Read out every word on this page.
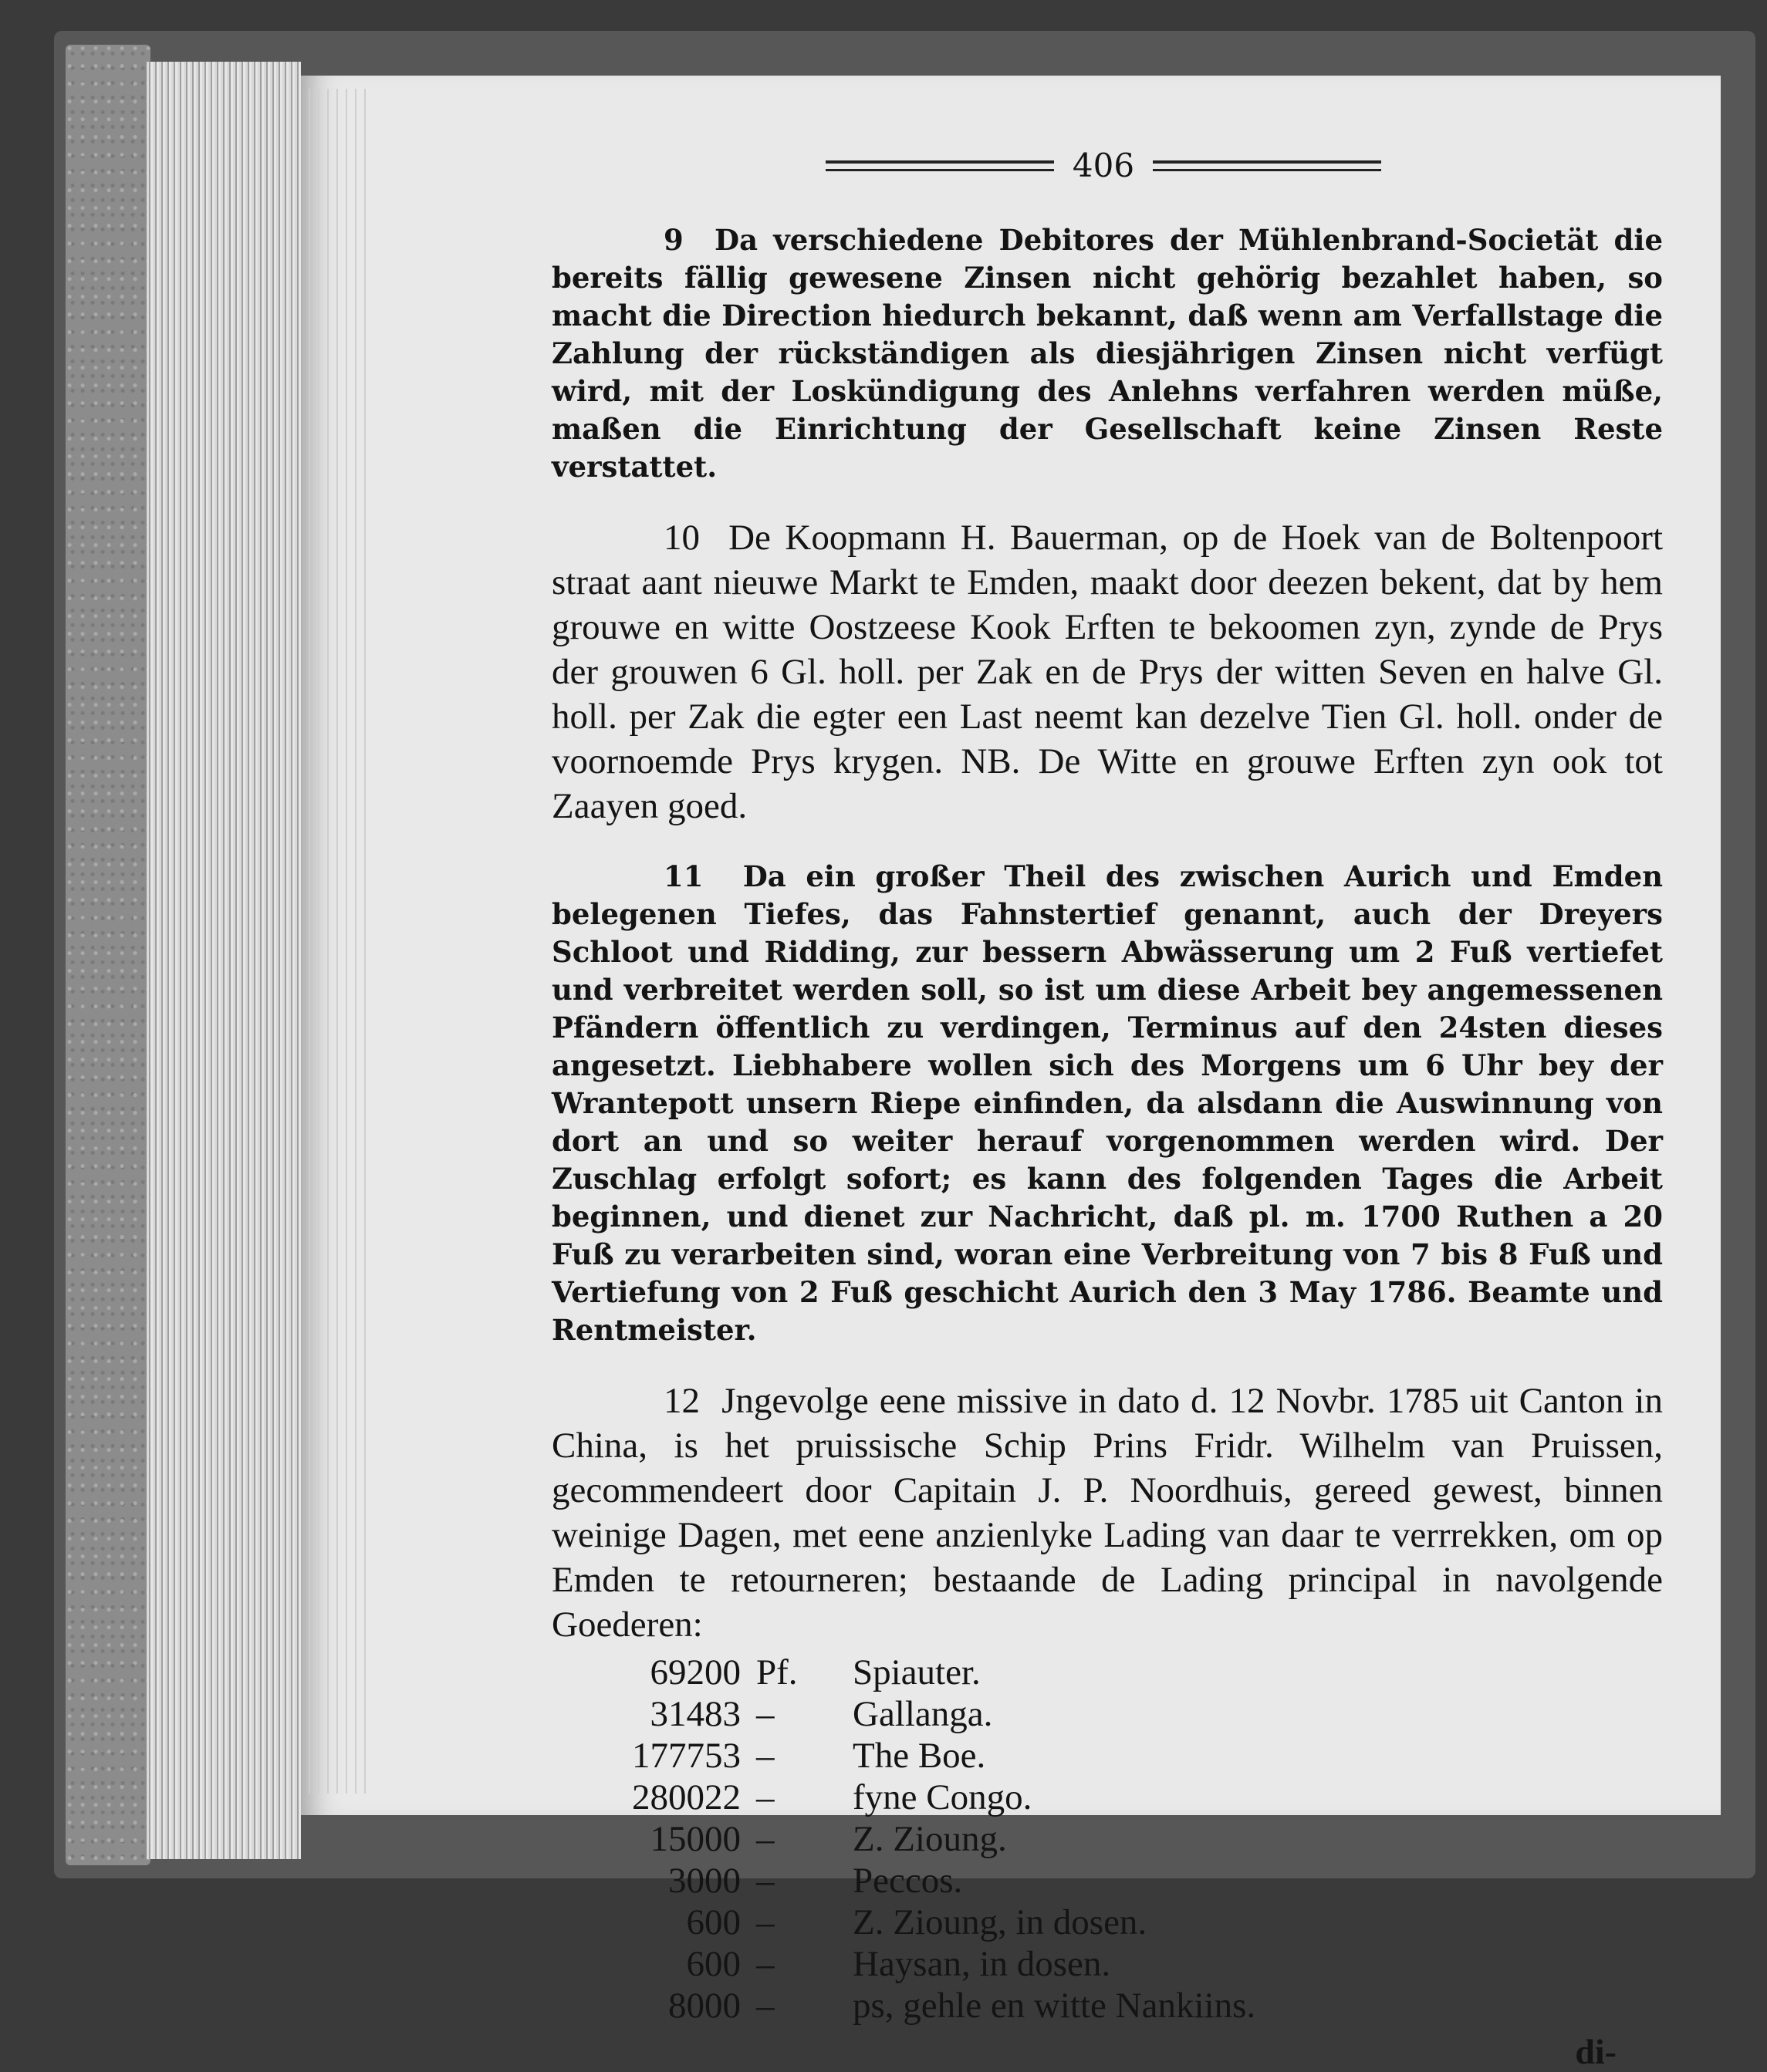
406

9 Da verschiedene Debitores der Mühlenbrand-Societät die bereits fällig gewesene Zinsen nicht gehörig bezahlet haben, so macht die Direction hiedurch bekannt, daß wenn am Verfallstage die Zahlung der rückständigen als diesjährigen Zinsen nicht verfügt wird, mit der Loskündigung des Anlehns verfahren werden müße, maßen die Einrichtung der Gesellschaft keine Zinsen Reste verstattet.

10 De Koopmann H. Bauerman, op de Hoek van de Boltenpoort straat aant nieuwe Markt te Emden, maakt door deezen bekent, dat by hem grouwe en witte Oostzeese Kook Erften te bekoomen zyn, zynde de Prys der grouwen 6 Gl. holl. per Zak en de Prys der witten Seven en halve Gl. holl. per Zak die egter een Last neemt kan dezelve Tien Gl. holl. onder de voornoemde Prys krygen. NB. De Witte en grouwe Erften zyn ook tot Zaayen goed.

11 Da ein großer Theil des zwischen Aurich und Emden belegenen Tiefes, das Fahnstertief genannt, auch der Dreyers Schloot und Ridding, zur bessern Abwässerung um 2 Fuß vertiefet und verbreitet werden soll, so ist um diese Arbeit bey angemessenen Pfändern öffentlich zu verdingen, Terminus auf den 24sten dieses angesetzt. Liebhabere wollen sich des Morgens um 6 Uhr bey der Wrantepott unsern Riepe einfinden, da alsdann die Auswinnung von dort an und so weiter herauf vorgenommen werden wird. Der Zuschlag erfolgt sofort; es kann des folgenden Tages die Arbeit beginnen, und dienet zur Nachricht, daß pl. m. 1700 Ruthen a 20 Fuß zu verarbeiten sind, woran eine Verbreitung von 7 bis 8 Fuß und Vertiefung von 2 Fuß geschicht Aurich den 3 May 1786. Beamte und Rentmeister.

12 Jngevolge eene missive in dato d. 12 Novbr. 1785 uit Canton in China, is het pruissische Schip Prins Fridr. Wilhelm van Pruissen, gecommendeert door Capitain J. P. Noordhuis, gereed gewest, binnen weinige Dagen, met eene anzienlyke Lading van daar te verrrekken, om op Emden te retourneren; bestaande de Lading principal in navolgende Goederen:

69200 Pf.	Spiauter.
31483 –	Gallanga.
177753 –	The Boe.
280022 –	fyne Congo.
15000 –	Z. Zioung.
3000 –	Peccos.
600 –	Z. Zioung, in dosen.
600 –	Haysan, in dosen.
8000 –	ps, gehle en witte Nankiins.
di-
